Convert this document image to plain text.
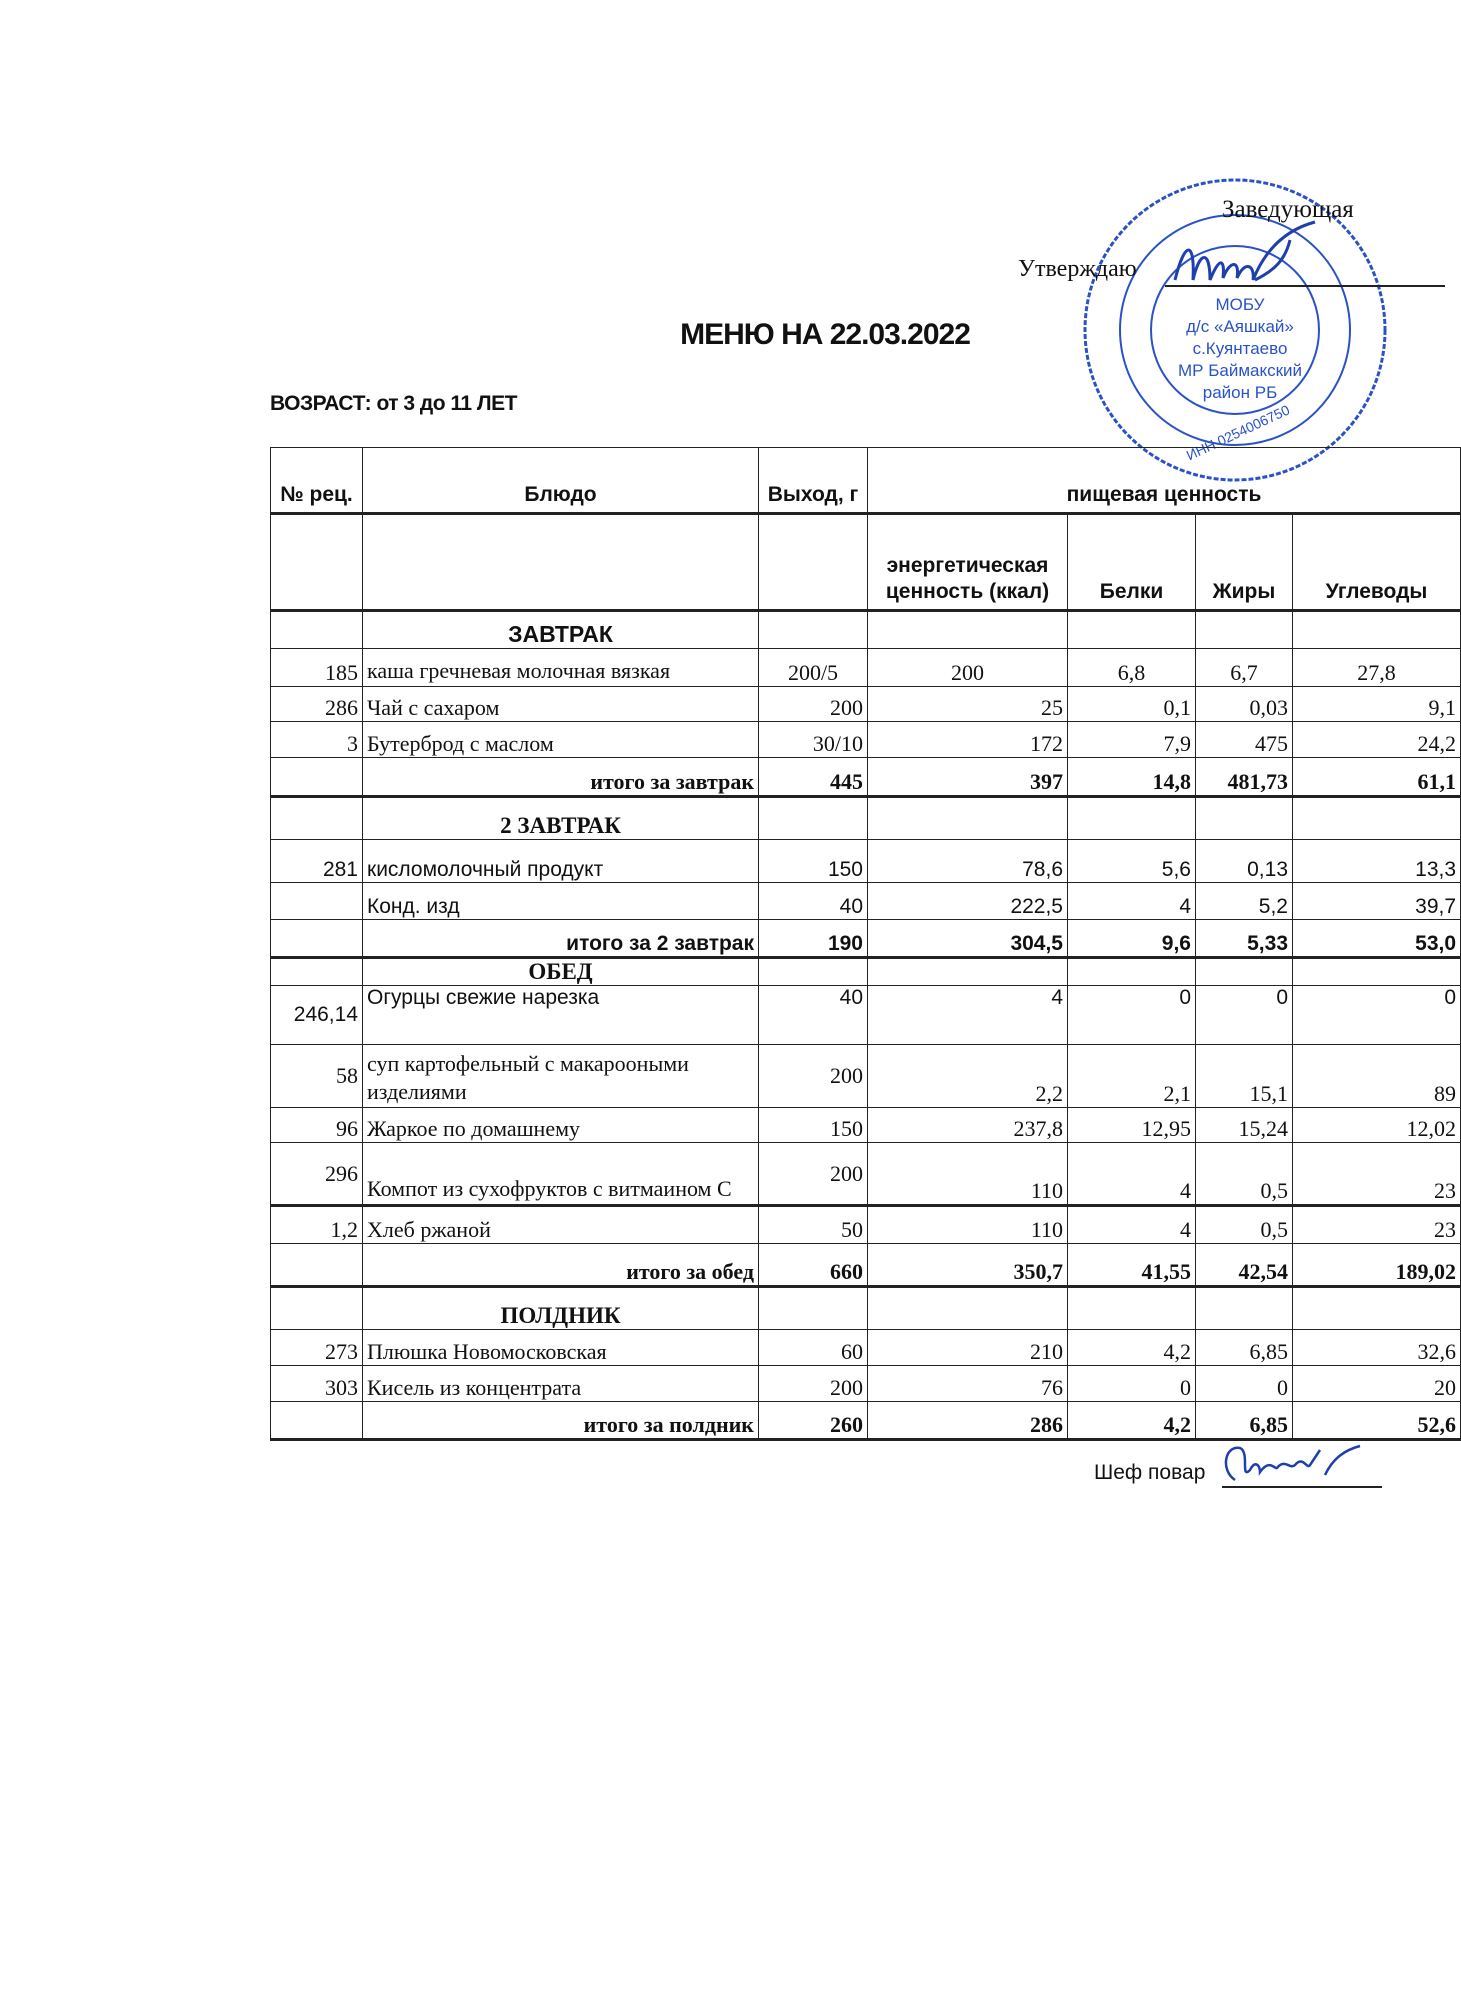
МОБУ
д/с «Аяшкай»
с.Куянтаево
МР Баймакский
район РБ
ИНН 0254006750
Заведующая
Утверждаю
МЕНЮ НА 22.03.2022
ВОЗРАСТ: от 3 до 11 ЛЕТ
№ рец.	Блюдо	Выход, г	пищевая ценность			
			энергетическая ценность (ккал)	Белки	Жиры	Углеводы
	ЗАВТРАК					
185	каша гречневая молочная вязкая	200/5	200	6,8	6,7	27,8
286	Чай с сахаром	200	25	0,1	0,03	9,1
3	Бутерброд с маслом	30/10	172	7,9	475	24,2
	итого за завтрак	445	397	14,8	481,73	61,1
	2 ЗАВТРАК					
281	кисломолочный продукт	150	78,6	5,6	0,13	13,3
	Конд. изд	40	222,5	4	5,2	39,7
	итого за 2 завтрак	190	304,5	9,6	5,33	53,0
	ОБЕД					
246,14	Огурцы свежие нарезка	40	4	0	0	0
58	суп картофельный с макарооными изделиями	200	2,2	2,1	15,1	89
96	Жаркое по домашнему	150	237,8	12,95	15,24	12,02
296	Компот из сухофруктов с витмаином С	200	110	4	0,5	23
1,2	Хлеб ржаной	50	110	4	0,5	23
	итого за обед	660	350,7	41,55	42,54	189,02
	ПОЛДНИК					
273	Плюшка Новомосковская	60	210	4,2	6,85	32,6
303	Кисель из концентрата	200	76	0	0	20
	итого за полдник	260	286	4,2	6,85	52,6
Шеф повар
